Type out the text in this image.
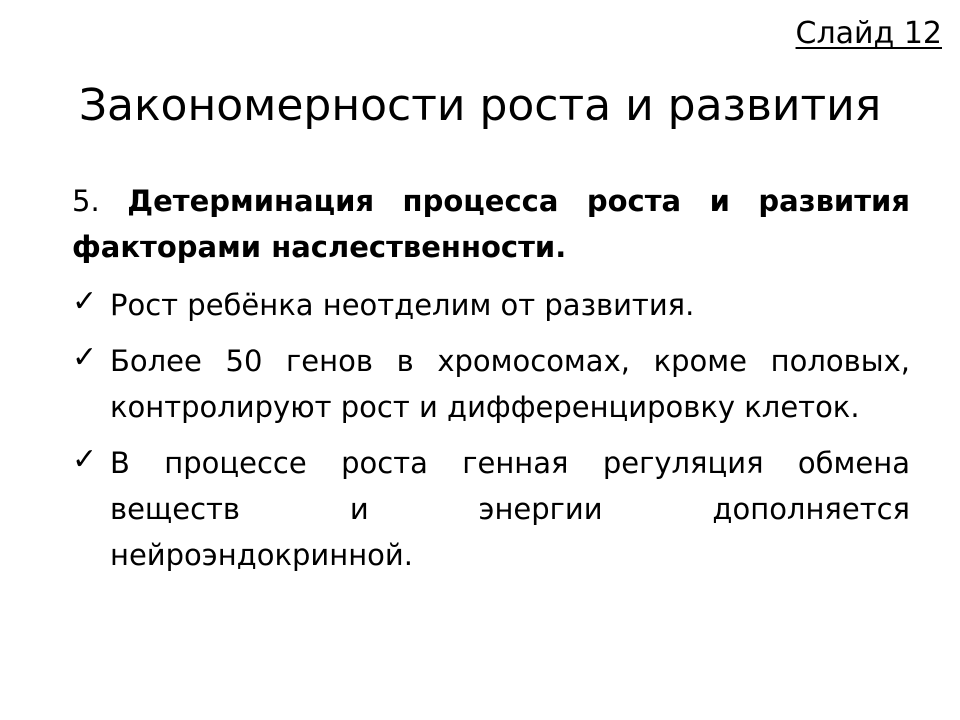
Слайд 12
Закономерности роста и развития

5. Детерминация процесса роста и развития факторами наслественности.

✓ Рост ребёнка неотделим от развития.
✓ Более 50 генов в хромосомах, кроме половых, контролируют рост и дифференцировку клеток.
✓ В процессе роста генная регуляция обмена веществ и энергии дополняется нейроэндокринной.
